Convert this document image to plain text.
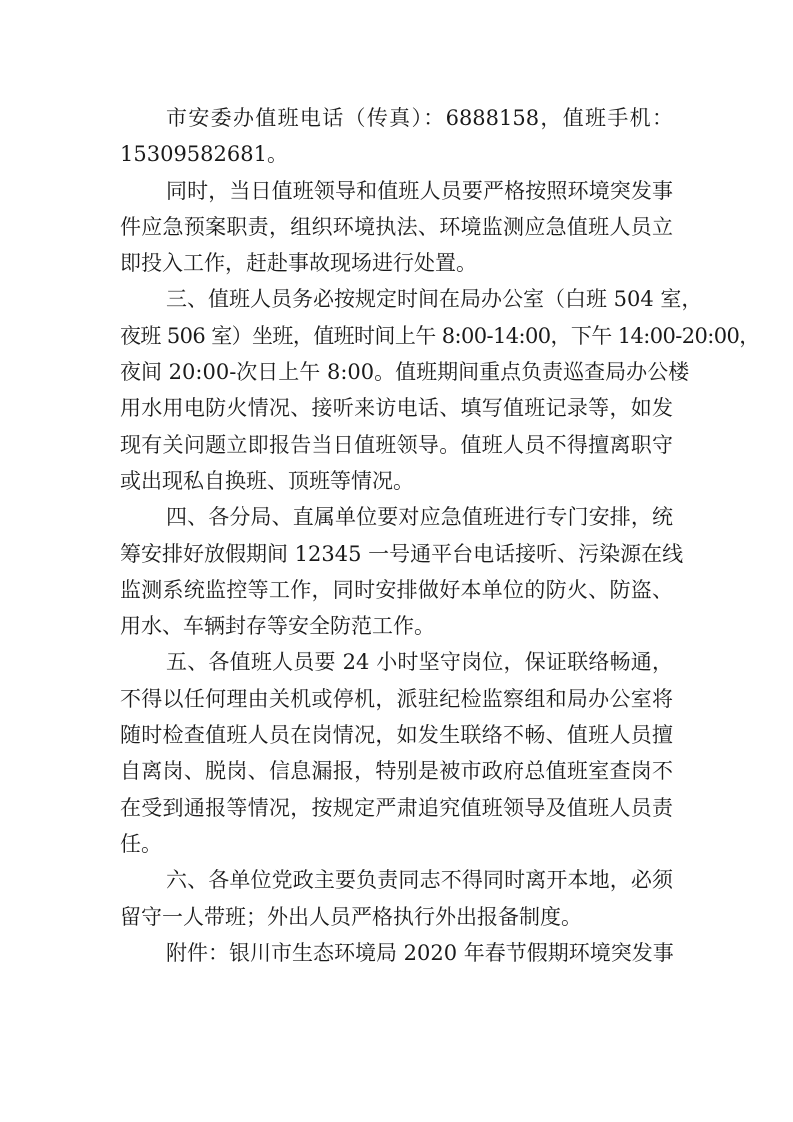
市安委办值班电话（传真）：6888158，值班手机：
15309582681。
同时，当日值班领导和值班人员要严格按照环境突发事
件应急预案职责，组织环境执法、环境监测应急值班人员立
即投入工作，赶赴事故现场进行处置。
三、值班人员务必按规定时间在局办公室（白班 504 室，
夜班 506 室）坐班，值班时间上午 8:00-14:00，下午 14:00-20:00，
夜间 20:00-次日上午 8:00。值班期间重点负责巡查局办公楼
用水用电防火情况、接听来访电话、填写值班记录等，如发
现有关问题立即报告当日值班领导。值班人员不得擅离职守
或出现私自换班、顶班等情况。
四、各分局、直属单位要对应急值班进行专门安排，统
筹安排好放假期间 12345 一号通平台电话接听、污染源在线
监测系统监控等工作，同时安排做好本单位的防火、防盗、
用水、车辆封存等安全防范工作。
五、各值班人员要 24 小时坚守岗位，保证联络畅通，
不得以任何理由关机或停机，派驻纪检监察组和局办公室将
随时检查值班人员在岗情况，如发生联络不畅、值班人员擅
自离岗、脱岗、信息漏报，特别是被市政府总值班室查岗不
在受到通报等情况，按规定严肃追究值班领导及值班人员责
任。
六、各单位党政主要负责同志不得同时离开本地，必须
留守一人带班；外出人员严格执行外出报备制度。
附件：银川市生态环境局 2020 年春节假期环境突发事
